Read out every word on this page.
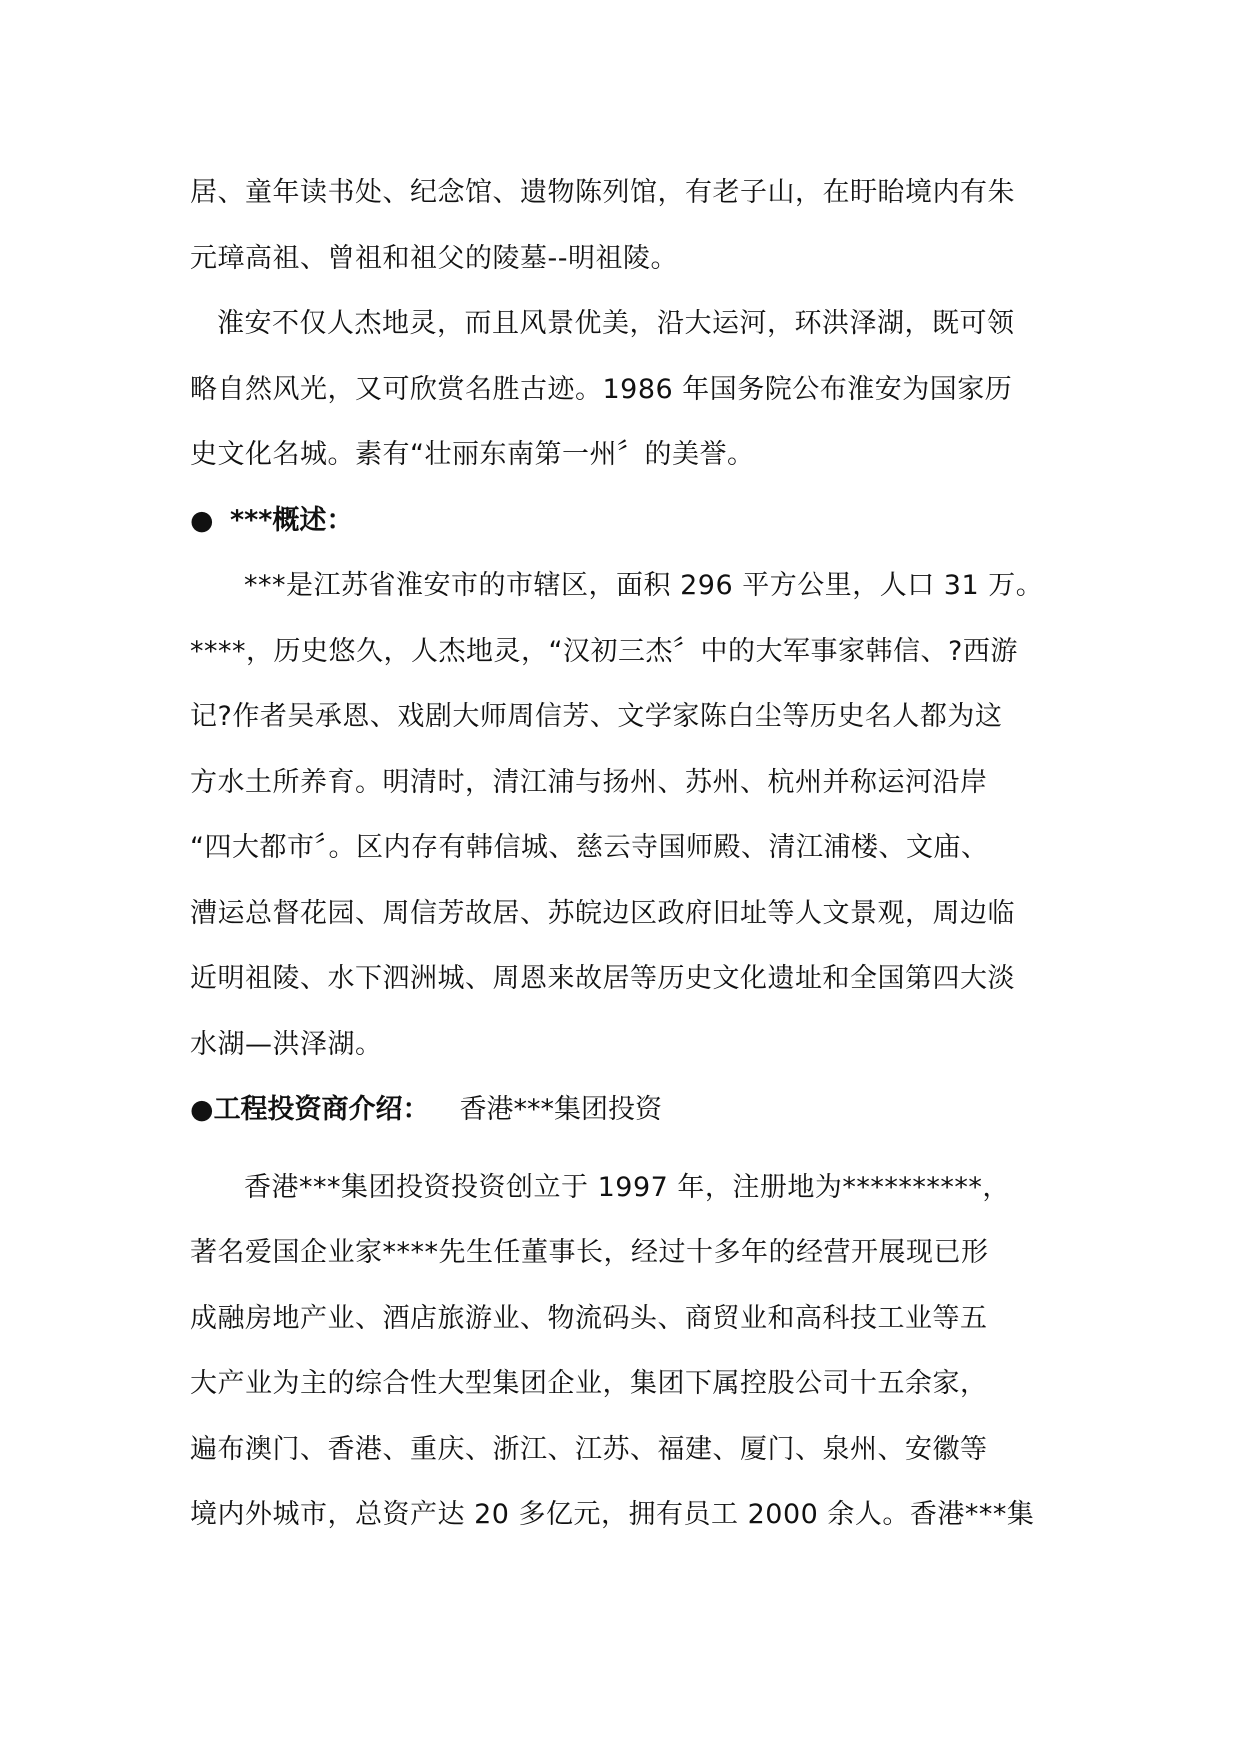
居、童年读书处、纪念馆、遗物陈列馆，有老子山，在盱眙境内有朱
元璋高祖、曾祖和祖父的陵墓--明祖陵。

淮安不仅人杰地灵，而且风景优美，沿大运河，环洪泽湖，既可领
略自然风光，又可欣赏名胜古迹。1986 年国务院公布淮安为国家历
史文化名城。素有“壮丽东南第一州〞的美誉。

● ***概述：

***是江苏省淮安市的市辖区，面积 296 平方公里，人口 31 万。
****，历史悠久，人杰地灵，“汉初三杰〞中的大军事家韩信、?西游
记?作者吴承恩、戏剧大师周信芳、文学家陈白尘等历史名人都为这
方水土所养育。明清时，清江浦与扬州、苏州、杭州并称运河沿岸
“四大都市〞。区内存有韩信城、慈云寺国师殿、清江浦楼、文庙、
漕运总督花园、周信芳故居、苏皖边区政府旧址等人文景观，周边临
近明祖陵、水下泗洲城、周恩来故居等历史文化遗址和全国第四大淡
水湖—洪泽湖。

●工程投资商介绍： 香港***集团投资

香港***集团投资投资创立于 1997 年，注册地为**********，
著名爱国企业家****先生任董事长，经过十多年的经营开展现已形
成融房地产业、酒店旅游业、物流码头、商贸业和高科技工业等五
大产业为主的综合性大型集团企业，集团下属控股公司十五余家，
遍布澳门、香港、重庆、浙江、江苏、福建、厦门、泉州、安徽等
境内外城市，总资产达 20 多亿元，拥有员工 2000 余人。香港***集
